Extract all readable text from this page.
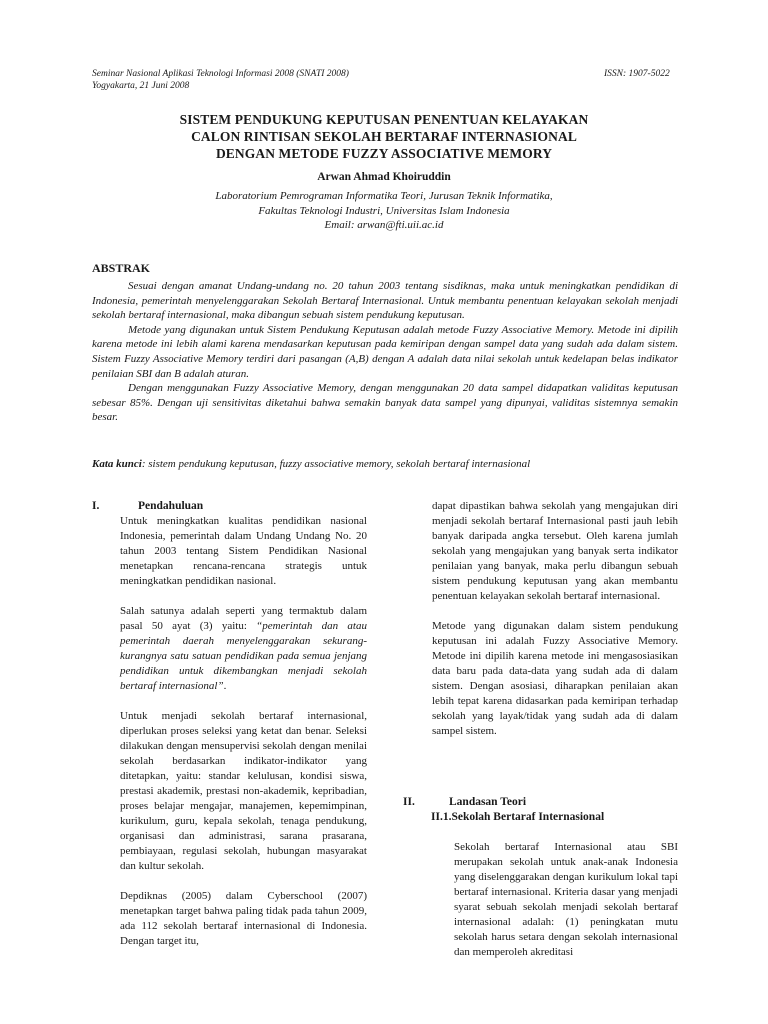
Seminar Nasional Aplikasi Teknologi Informasi 2008 (SNATI 2008)
Yogyakarta, 21 Juni 2008
ISSN: 1907-5022
SISTEM PENDUKUNG KEPUTUSAN PENENTUAN KELAYAKAN
CALON RINTISAN SEKOLAH BERTARAF INTERNASIONAL
DENGAN METODE FUZZY ASSOCIATIVE MEMORY
Arwan Ahmad Khoiruddin
Laboratorium Pemrograman Informatika Teori, Jurusan Teknik Informatika,
Fakultas Teknologi Industri, Universitas Islam Indonesia
Email: arwan@fti.uii.ac.id
ABSTRAK

Sesuai dengan amanat Undang-undang no. 20 tahun 2003 tentang sisdiknas, maka untuk meningkatkan pendidikan di Indonesia, pemerintah menyelenggarakan Sekolah Bertaraf Internasional. Untuk membantu penentuan kelayakan sekolah menjadi sekolah bertaraf internasional, maka dibangun sebuah sistem pendukung keputusan.

Metode yang digunakan untuk Sistem Pendukung Keputusan adalah metode Fuzzy Associative Memory. Metode ini dipilih karena metode ini lebih alami karena mendasarkan keputusan pada kemiripan dengan sampel data yang sudah ada dalam sistem. Sistem Fuzzy Associative Memory terdiri dari pasangan (A,B) dengan A adalah data nilai sekolah untuk kedelapan belas indikator penilaian SBI dan B adalah aturan.

Dengan menggunakan Fuzzy Associative Memory, dengan menggunakan 20 data sampel didapatkan validitas keputusan sebesar 85%. Dengan uji sensitivitas diketahui bahwa semakin banyak data sampel yang dipunyai, validitas sistemnya semakin besar.

Kata kunci: sistem pendukung keputusan, fuzzy associative memory, sekolah bertaraf internasional
I.	Pendahuluan

Untuk meningkatkan kualitas pendidikan nasional Indonesia, pemerintah dalam Undang Undang No. 20 tahun 2003 tentang Sistem Pendidikan Nasional menetapkan rencana-rencana strategis untuk meningkatkan pendidikan nasional.

Salah satunya adalah seperti yang termaktub dalam pasal 50 ayat (3) yaitu: “pemerintah dan atau pemerintah daerah menyelenggarakan sekurang-kurangnya satu satuan pendidikan pada semua jenjang pendidikan untuk dikembangkan menjadi sekolah bertaraf internasional”.

Untuk menjadi sekolah bertaraf internasional, diperlukan proses seleksi yang ketat dan benar. Seleksi dilakukan dengan mensupervisi sekolah dengan menilai sekolah berdasarkan indikator-indikator yang ditetapkan, yaitu: standar kelulusan, kondisi siswa, prestasi akademik, prestasi non-akademik, kepribadian, proses belajar mengajar, manajemen, kepemimpinan, kurikulum, guru, kepala sekolah, tenaga pendukung, organisasi dan administrasi, sarana prasarana, pembiayaan, regulasi sekolah, hubungan masyarakat dan kultur sekolah.

Depdiknas (2005) dalam Cyberschool (2007) menetapkan target bahwa paling tidak pada tahun 2009, ada 112 sekolah bertaraf internasional di Indonesia. Dengan target itu,

dapat dipastikan bahwa sekolah yang mengajukan diri menjadi sekolah bertaraf Internasional pasti jauh lebih banyak daripada angka tersebut. Oleh karena jumlah sekolah yang mengajukan yang banyak serta indikator penilaian yang banyak, maka perlu dibangun sebuah sistem pendukung keputusan yang akan membantu penentuan kelayakan sekolah bertaraf internasional.

Metode yang digunakan dalam sistem pendukung keputusan ini adalah Fuzzy Associative Memory. Metode ini dipilih karena metode ini mengasosiasikan data baru pada data-data yang sudah ada di dalam sistem. Dengan asosiasi, diharapkan penilaian akan lebih tepat karena didasarkan pada kemiripan terhadap sekolah yang layak/tidak yang sudah ada di dalam sampel sistem.

II.	Landasan Teori
II.1.Sekolah Bertaraf Internasional

Sekolah bertaraf Internasional atau SBI merupakan sekolah untuk anak-anak Indonesia yang diselenggarakan dengan kurikulum lokal tapi bertaraf internasional. Kriteria dasar yang menjadi syarat sebuah sekolah menjadi sekolah bertaraf internasional adalah: (1) peningkatan mutu sekolah harus setara dengan sekolah internasional dan memperoleh akreditasi
